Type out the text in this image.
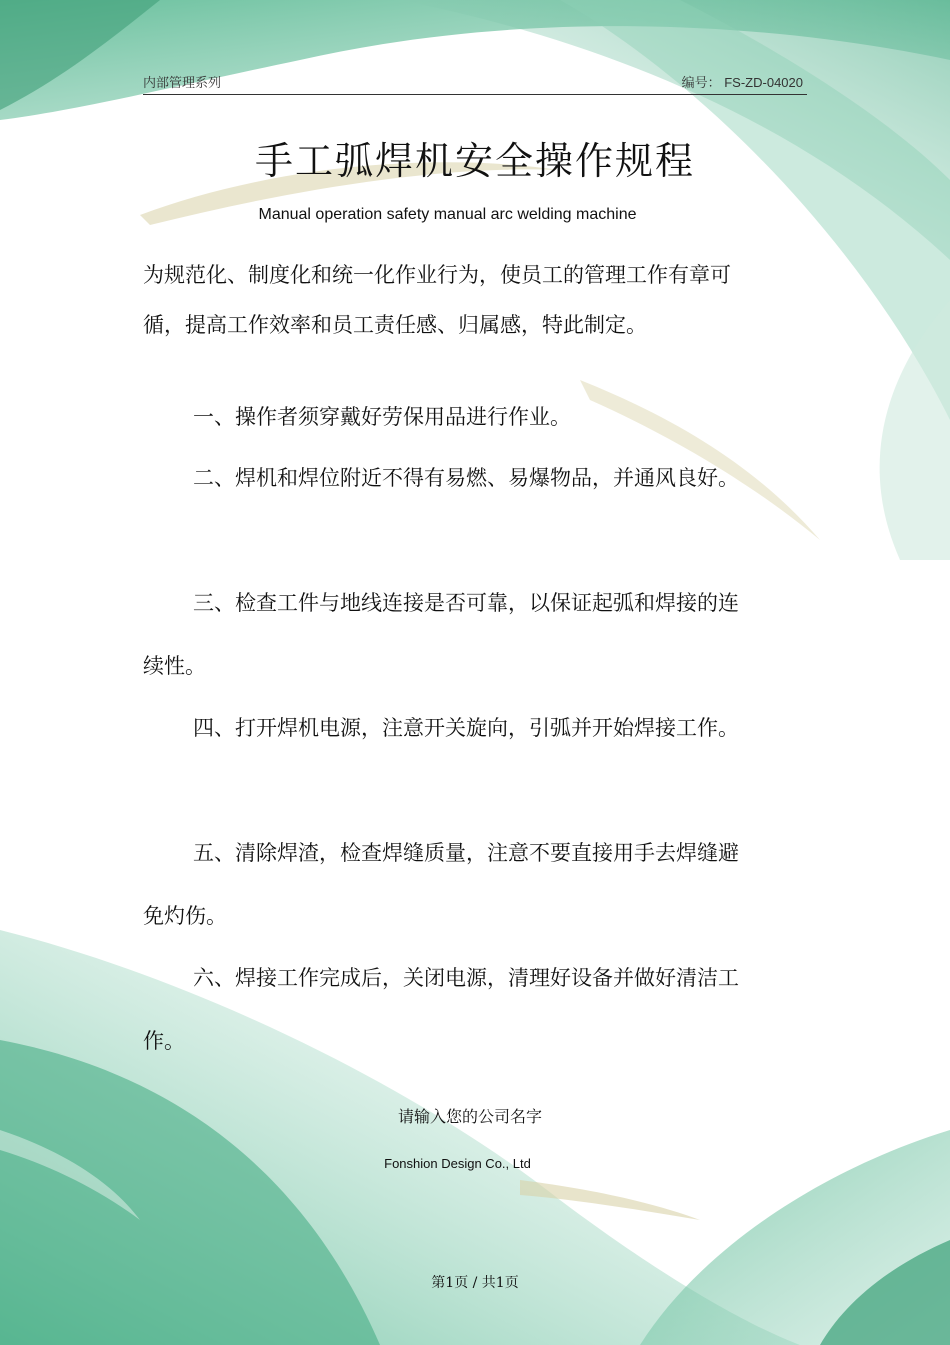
内部管理系列	编号： FS-ZD-04020
手工弧焊机安全操作规程
Manual operation safety manual arc welding machine
为规范化、制度化和统一化作业行为，使员工的管理工作有章可循，提高工作效率和员工责任感、归属感，特此制定。
一、操作者须穿戴好劳保用品进行作业。
二、焊机和焊位附近不得有易燃、易爆物品，并通风良好。
三、检查工件与地线连接是否可靠，以保证起弧和焊接的连续性。
四、打开焊机电源，注意开关旋向，引弧并开始焊接工作。
五、清除焊渣，检查焊缝质量，注意不要直接用手去焊缝避免灼伤。
六、焊接工作完成后，关闭电源，清理好设备并做好清洁工作。
请输入您的公司名字
Fonshion Design Co., Ltd
第1页 / 共1页
